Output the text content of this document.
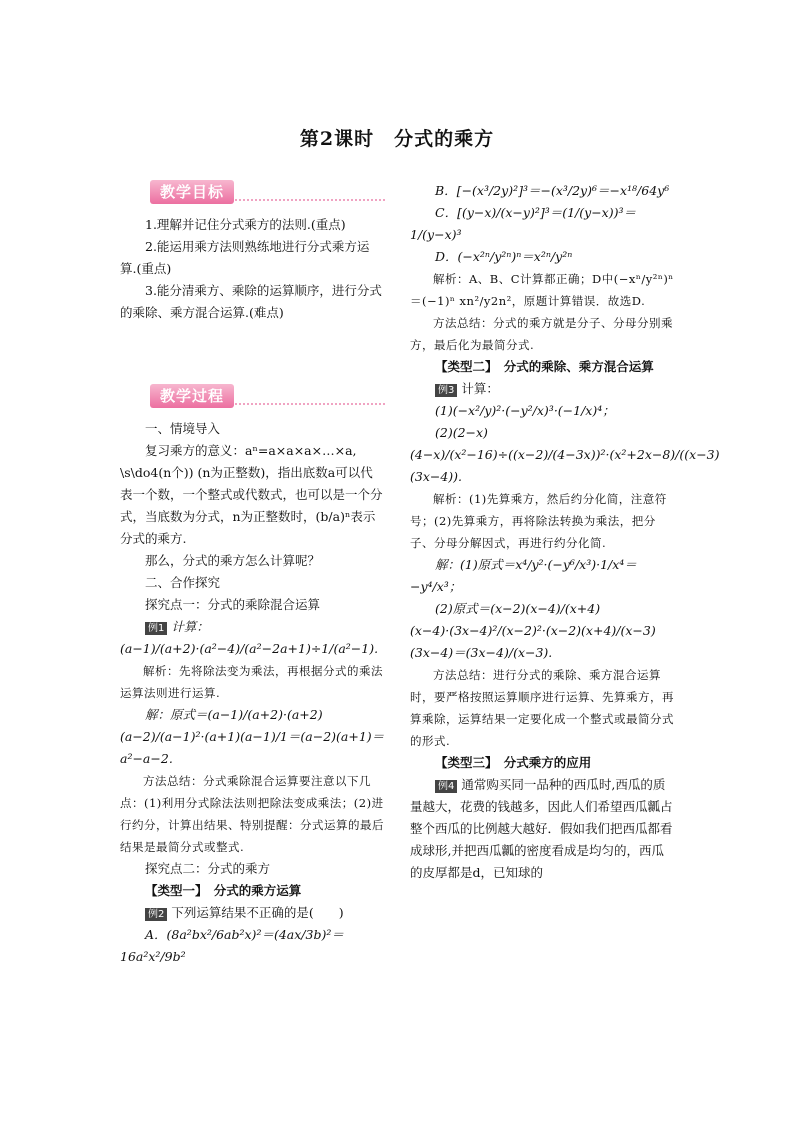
第2课时　分式的乘方
教学目标

1.理解并记住分式乘方的法则.(重点)

2.能运用乘方法则熟练地进行分式乘方运算.(重点)

3.能分清乘方、乘除的运算顺序，进行分式的乘除、乘方混合运算.(难点)

教学过程

一、情境导入

复习乘方的意义：aⁿ=a×a×a×…×a, \s\do4(n个)) (n为正整数)，指出底数a可以代表一个数，一个整式或代数式，也可以是一个分式，当底数为分式，n为正整数时，(b/a)ⁿ表示分式的乘方.

那么，分式的乘方怎么计算呢？

二、合作探究

探究点一：分式的乘除混合运算

例1 计算：(a−1)/(a+2)·(a²−4)/(a²−2a+1)÷1/(a²−1).

解析：先将除法变为乘法，再根据分式的乘法运算法则进行运算.

解：原式＝(a−1)/(a+2)·(a+2)(a−2)/(a−1)²·(a+1)(a−1)/1＝(a−2)(a+1)＝a²−a−2.

方法总结：分式乘除混合运算要注意以下几点：(1)利用分式除法法则把除法变成乘法；(2)进行约分，计算出结果、特别提醒：分式运算的最后结果是最简分式或整式.

探究点二：分式的乘方

【类型一】　分式的乘方运算

例2 下列运算结果不正确的是(　　)

A．(8a²bx²/6ab²x)²＝(4ax/3b)²＝16a²x²/9b²

B．[−(x³/2y)²]³＝−(x³/2y)⁶＝−x¹⁸/64y⁶

C．[(y−x)/(x−y)²]³＝(1/(y−x))³＝1/(y−x)³

D．(−x²ⁿ/y²ⁿ)ⁿ＝x²ⁿ/y²ⁿ

解析：A、B、C计算都正确；D中(−xⁿ/y²ⁿ)ⁿ＝(−1)ⁿ xn²/y2n²，原题计算错误．故选D.

方法总结：分式的乘方就是分子、分母分别乘方，最后化为最简分式.

【类型二】　分式的乘除、乘方混合运算

例3 计算：

(1)(−x²/y)²·(−y²/x)³·(−1/x)⁴；

(2)(2−x)(4−x)/(x²−16)÷((x−2)/(4−3x))²·(x²+2x−8)/((x−3)(3x−4)).

解析：(1)先算乘方，然后约分化简，注意符号；(2)先算乘方，再将除法转换为乘法，把分子、分母分解因式，再进行约分化简.

解：(1)原式＝x⁴/y²·(−y⁶/x³)·1/x⁴＝−y⁴/x³；

(2)原式＝(x−2)(x−4)/(x+4)(x−4)·(3x−4)²/(x−2)²·(x−2)(x+4)/(x−3)(3x−4)＝(3x−4)/(x−3).

方法总结：进行分式的乘除、乘方混合运算时，要严格按照运算顺序进行运算、先算乘方，再算乘除，运算结果一定要化成一个整式或最简分式的形式.

【类型三】　分式乘方的应用

例4 通常购买同一品种的西瓜时,西瓜的质量越大，花费的钱越多，因此人们希望西瓜瓤占整个西瓜的比例越大越好．假如我们把西瓜都看成球形,并把西瓜瓤的密度看成是均匀的，西瓜的皮厚都是d，已知球的
